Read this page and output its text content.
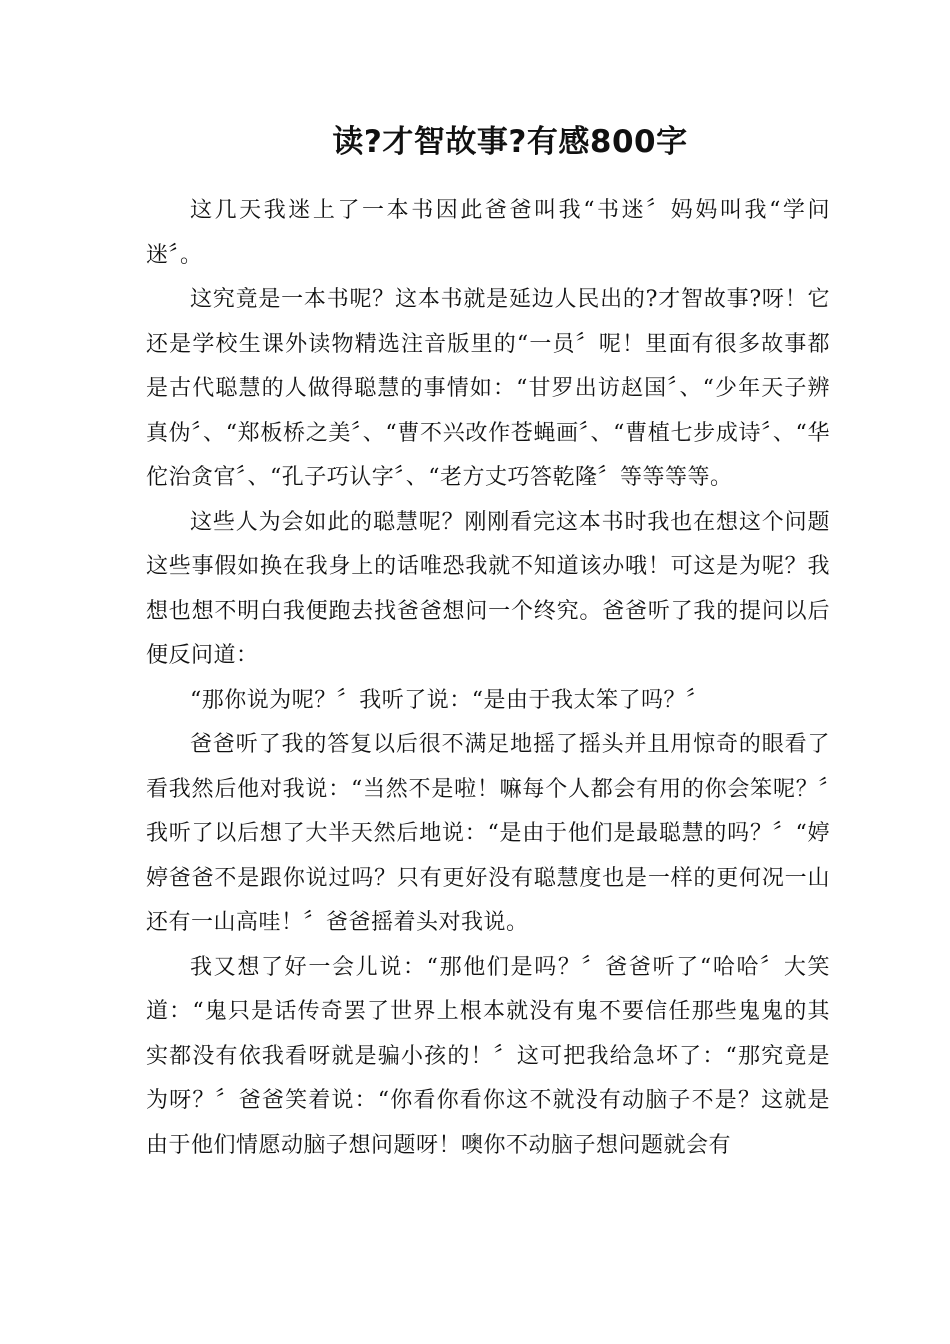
读?才智故事?有感800字

这几天我迷上了一本书因此爸爸叫我“书迷〞妈妈叫我“学问迷〞。

这究竟是一本书呢？这本书就是延边人民出的?才智故事?呀！它还是学校生课外读物精选注音版里的“一员〞呢！里面有很多故事都是古代聪慧的人做得聪慧的事情如：“甘罗出访赵国〞、“少年天子辨真伪〞、“郑板桥之美〞、“曹不兴改作苍蝇画〞、“曹植七步成诗〞、“华佗治贪官〞、“孔子巧认字〞、“老方丈巧答乾隆〞等等等等。

这些人为会如此的聪慧呢？刚刚看完这本书时我也在想这个问题这些事假如换在我身上的话唯恐我就不知道该办哦！可这是为呢？我想也想不明白我便跑去找爸爸想问一个终究。爸爸听了我的提问以后便反问道：

“那你说为呢？〞我听了说：“是由于我太笨了吗？〞

爸爸听了我的答复以后很不满足地摇了摇头并且用惊奇的眼看了看我然后他对我说：“当然不是啦！嘛每个人都会有用的你会笨呢？〞我听了以后想了大半天然后地说：“是由于他们是最聪慧的吗？〞“婷婷爸爸不是跟你说过吗？只有更好没有聪慧度也是一样的更何况一山还有一山高哇！〞爸爸摇着头对我说。

我又想了好一会儿说：“那他们是吗？〞爸爸听了“哈哈〞大笑道：“鬼只是话传奇罢了世界上根本就没有鬼不要信任那些鬼鬼的其实都没有依我看呀就是骗小孩的！〞这可把我给急坏了：“那究竟是为呀？〞爸爸笑着说：“你看你看你这不就没有动脑子不是？这就是由于他们情愿动脑子想问题呀！噢你不动脑子想问题就会有
